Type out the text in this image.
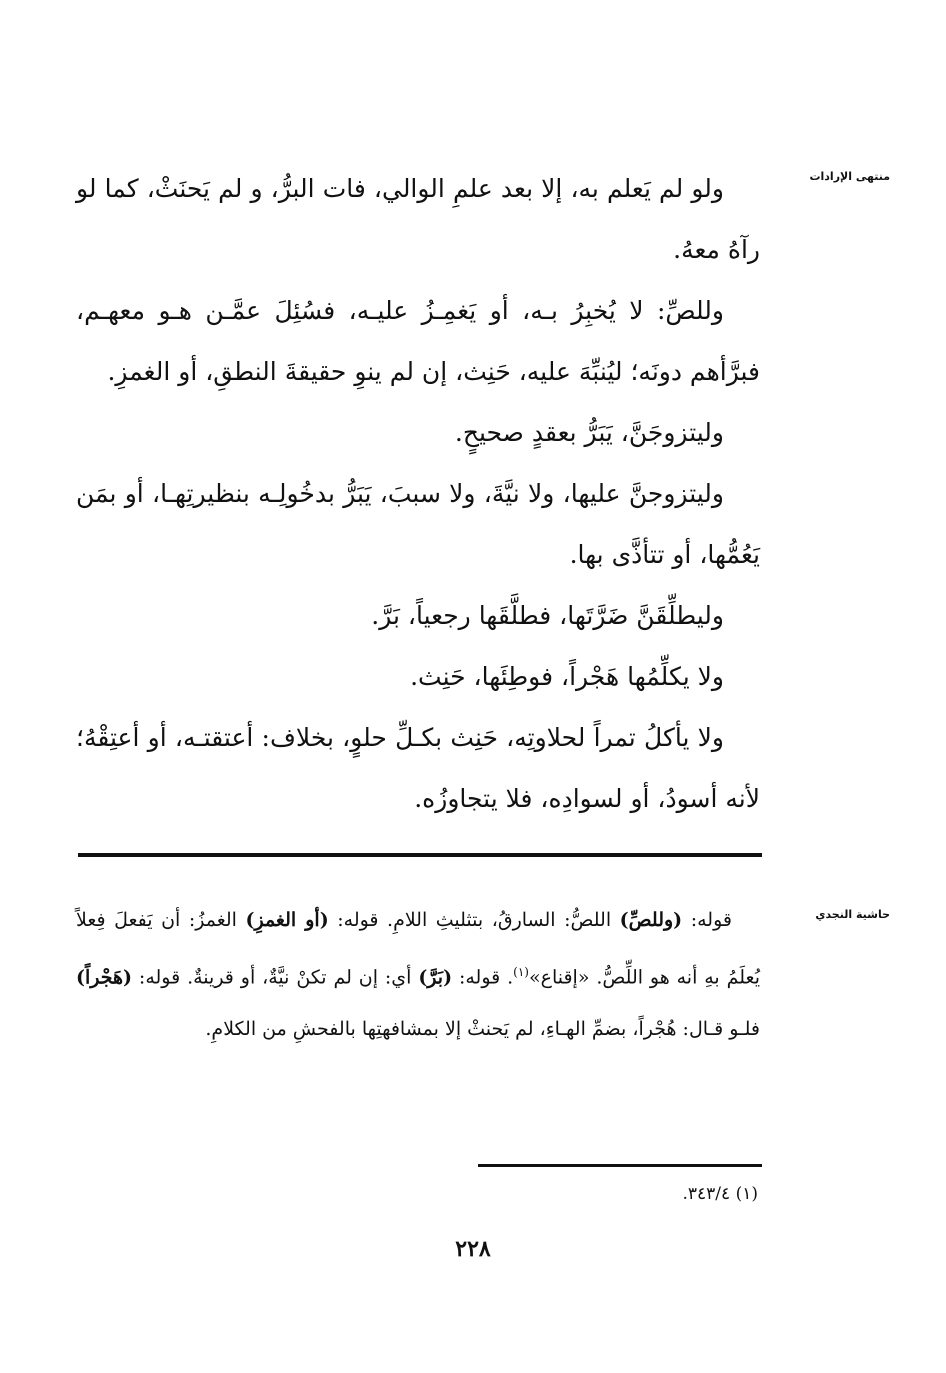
منتهى الإرادات

ولو لم يَعلم به، إلا بعد علمِ الوالي، فات البرُّ، و لم يَحنَثْ، كما لو رآهُ معهُ.

وللصِّ: لا يُخبِرُ بـه، أو يَغمِـزُ عليـه، فسُئِلَ عمَّـن هـو معهـم، فبرَّأهم دونَه؛ ليُنبِّهَ عليه، حَنِث، إن لم ينوِ حقيقةَ النطقِ، أو الغمزِ.

وليتزوجَنَّ، يَبَرُّ بعقدٍ صحيحٍ.

وليتزوجنَّ عليها، ولا نيَّةَ، ولا سببَ، يَبَرُّ بدخُولِـه بنظيرتِهـا، أو بمَن يَعُمُّها، أو تتأذَّى بها.

وليطلِّقَنَّ ضَرَّتَها، فطلَّقَها رجعياً، بَرَّ.

ولا يكلِّمُها هَجْراً، فوطِئَها، حَنِث.

ولا يأكلُ تمراً لحلاوتِه، حَنِث بكـلِّ حلوٍ، بخلاف: أعتقتـه، أو أعتِقْهُ؛ لأنه أسودُ، أو لسوادِه، فلا يتجاوزُه.

حاشية النجدي

قوله: (وللصِّ) اللصُّ: السارقُ، بتثليثِ اللامِ. قوله: (أو الغمزِ) الغمزُ: أن يَفعلَ فِعلاً يُعلَمُ بهِ أنه هو اللِّصُّ. «إقناع»$^{(١)}$. قوله: (بَرَّ) أي: إن لم تكنْ نيَّةٌ، أو قرينةٌ. قوله: (هَجْراً) فلـو قـال: هُجْراً، بضمِّ الهـاءِ، لم يَحنثْ إلا بمشافهتِها بالفحشِ من الكلامِ.

(١) ٣٤٣/٤.
٢٢٨
